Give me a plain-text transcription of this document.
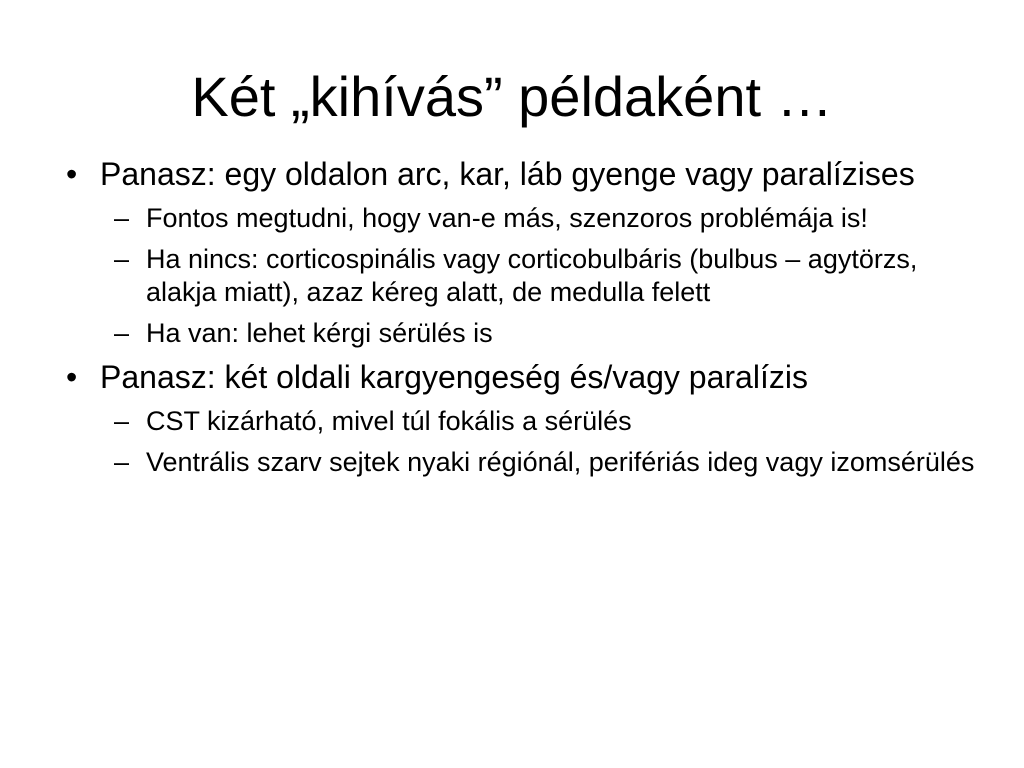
Két „kihívás” példaként …
• Panasz: egy oldalon arc, kar, láb gyenge vagy paralízises
– Fontos megtudni, hogy van-e más, szenzoros problémája is!
– Ha nincs: corticospinális vagy corticobulbáris (bulbus – agytörzs, alakja miatt), azaz kéreg alatt, de medulla felett
– Ha van: lehet kérgi sérülés is
• Panasz: két oldali kargyengeség és/vagy paralízis
– CST kizárható, mivel túl fokális a sérülés
– Ventrális szarv sejtek nyaki régiónál, perifériás ideg vagy izomsérülés
